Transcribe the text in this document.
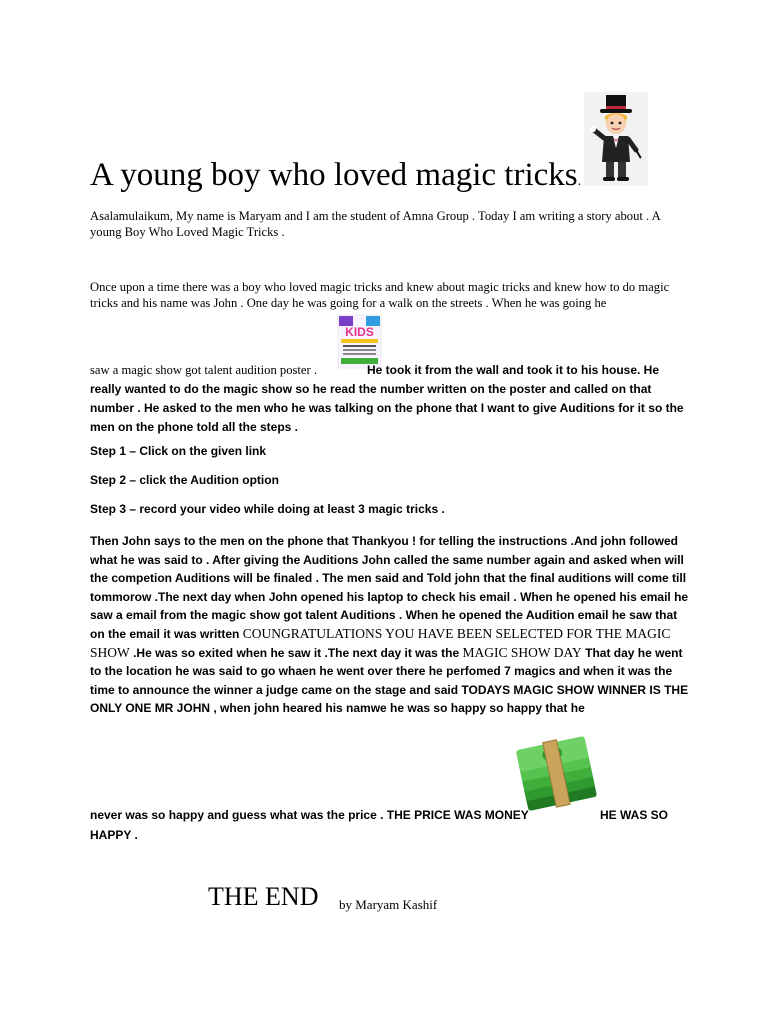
A young boy who loved magic tricks.
Asalamulaikum, My name is Maryam and I am the student of Amna Group . Today I am writing a story about . A young Boy Who Loved Magic Tricks .
Once upon a time there was a boy who loved magic tricks and knew about magic tricks and knew how to do magic tricks and his name was John . One day he was going for a walk on the streets . When he was going he
KIDS
saw a magic show got talent audition poster .	He took it from the wall and took it to his house. He
really wanted to do the magic show so he read the number written on the poster and called on that number . He asked to the men who he was talking on the phone that I want to give Auditions for it so the men on the phone told all the steps .
Step 1 – Click on the given link
Step 2 – click the Audition option
Step 3 – record your video while doing at least 3 magic tricks .
Then John says to the men on the phone that Thankyou ! for telling the instructions .And john followed what he was said to . After giving the Auditions John called the same number again and asked when will the competion Auditions will be finaled . The men said and Told john that the final auditions will come till tommorow .The next day when John opened his laptop to check his email . When he opened his email he saw a email from the magic show got talent Auditions . When he opened the Audition email he saw that on the email it was written COUNGRATULATIONS YOU HAVE BEEN SELECTED FOR THE MAGIC SHOW .He was so exited when he saw it .The next day it was the MAGIC SHOW DAY That day he went to the location he was said to go whaen he went over there he perfomed 7 magics and when it was the time to announce the winner a judge came on the stage and said TODAYS MAGIC SHOW WINNER IS THE ONLY ONE MR JOHN , when john heared his namwe he was so happy so happy that he
never was so happy and guess what was the price . THE PRICE WAS MONEY	HE WAS SO
HAPPY .
THE END by Maryam Kashif
